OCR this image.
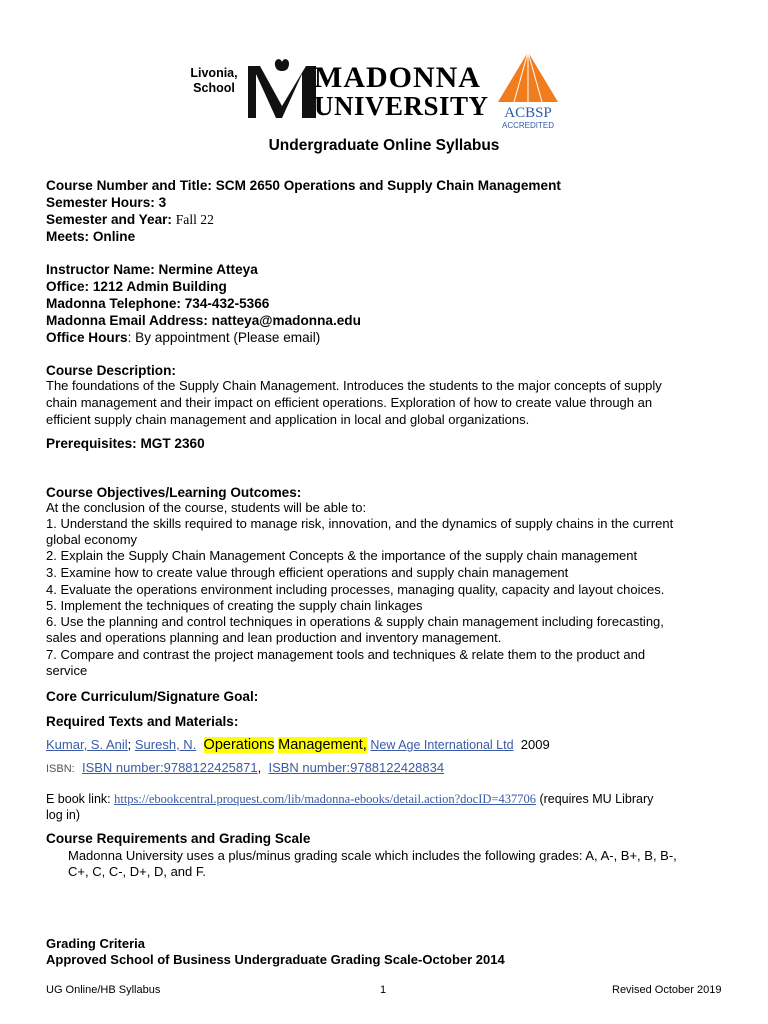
Livonia,
School	MADONNA
UNIVERSITY ACBSP
ACCREDITED
Undergraduate Online Syllabus
Course Number and Title: SCM 2650 Operations and Supply Chain Management
Semester Hours: 3
Semester and Year: Fall 22
Meets: Online
Instructor Name: Nermine Atteya
Office: 1212 Admin Building
Madonna Telephone: 734-432-5366
Madonna Email Address: natteya@madonna.edu
Office Hours: By appointment (Please email)
Course Description:
The foundations of the Supply Chain Management. Introduces the students to the major concepts of supply
chain management and their impact on efficient operations. Exploration of how to create value through an
efficient supply chain management and application in local and global organizations.
Prerequisites: MGT 2360
Course Objectives/Learning Outcomes:
At the conclusion of the course, students will be able to:
1. Understand the skills required to manage risk, innovation, and the dynamics of supply chains in the current
global economy
2. Explain the Supply Chain Management Concepts & the importance of the supply chain management
3. Examine how to create value through efficient operations and supply chain management
4. Evaluate the operations environment including processes, managing quality, capacity and layout choices.
5. Implement the techniques of creating the supply chain linkages
6. Use the planning and control techniques in operations & supply chain management including forecasting,
sales and operations planning and lean production and inventory management.
7. Compare and contrast the project management tools and techniques & relate them to the product and
service
Core Curriculum/Signature Goal:
Required Texts and Materials:
Kumar, S. Anil; Suresh, N. Operations Management, New Age International Ltd 2009
ISBN: ISBN number:9788122425871, ISBN number:9788122428834
E book link: https://ebookcentral.proquest.com/lib/madonna-ebooks/detail.action?docID=437706 (requires MU Library
log in)
Course Requirements and Grading Scale
Madonna University uses a plus/minus grading scale which includes the following grades: A, A-, B+, B, B-,
C+, C, C-, D+, D, and F.
Grading Criteria
Approved School of Business Undergraduate Grading Scale-October 2014
UG Online/HB Syllabus	1	Revised October 2019
